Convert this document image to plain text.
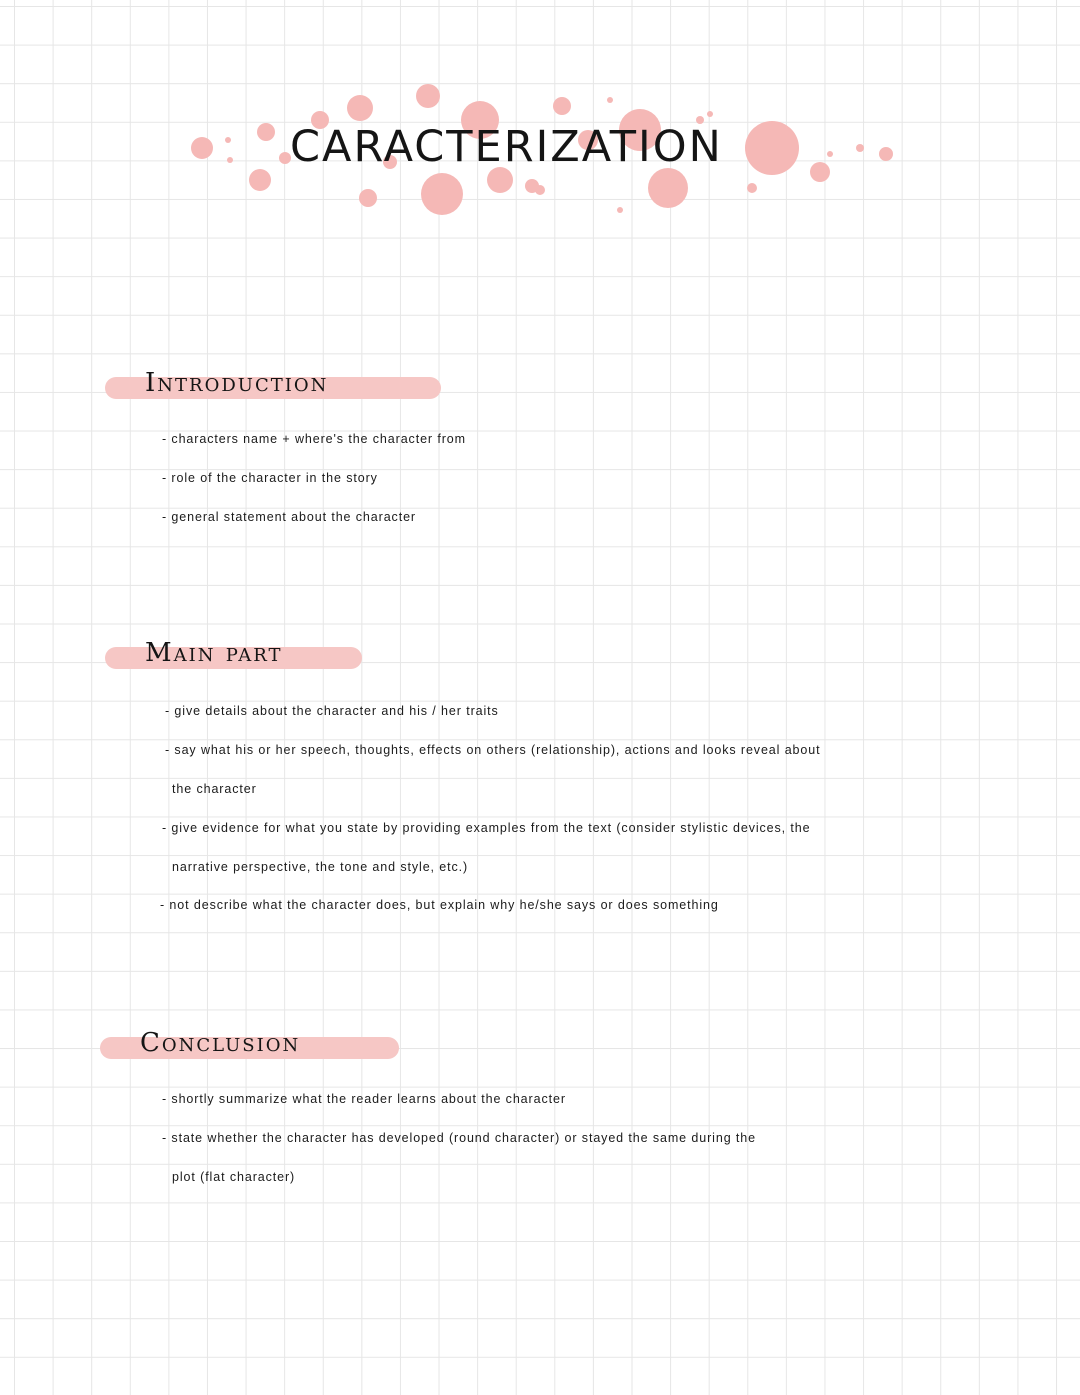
CARACTERIZATION
Introduction
- characters name + where's the character from
- role of the character in the story
- general statement about the character
Main part
- give details about the character and his / her traits
- say what his or her speech, thoughts, effects on others (relationship), actions and looks reveal about
the character
- give evidence for what you state by providing examples from the text (consider stylistic devices, the
narrative perspective, the tone and style, etc.)
- not describe what the character does, but explain why he/she says or does something
Conclusion
- shortly summarize what the reader learns about the character
- state whether the character has developed (round character) or stayed the same during the
plot (flat character)
